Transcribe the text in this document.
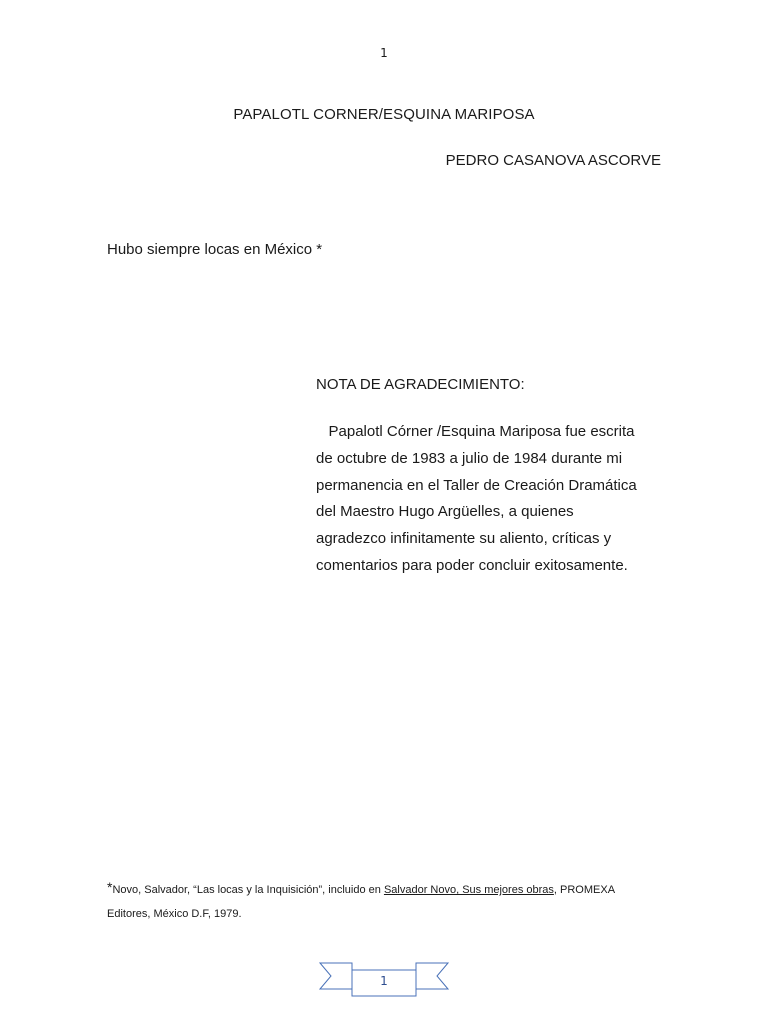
1
PAPALOTL CORNER/ESQUINA MARIPOSA
PEDRO CASANOVA ASCORVE
Hubo siempre locas en México *
NOTA DE AGRADECIMIENTO:
Papalotl Córner /Esquina Mariposa fue escrita
de octubre de 1983 a julio de 1984 durante mi
permanencia en el Taller de Creación Dramática
del Maestro Hugo Argüelles, a quienes
agradezco infinitamente su aliento, críticas y
comentarios para poder concluir exitosamente.
*Novo, Salvador, “Las locas y la Inquisición”, incluido en Salvador Novo, Sus mejores obras, PROMEXA
Editores, México D.F, 1979.
1
